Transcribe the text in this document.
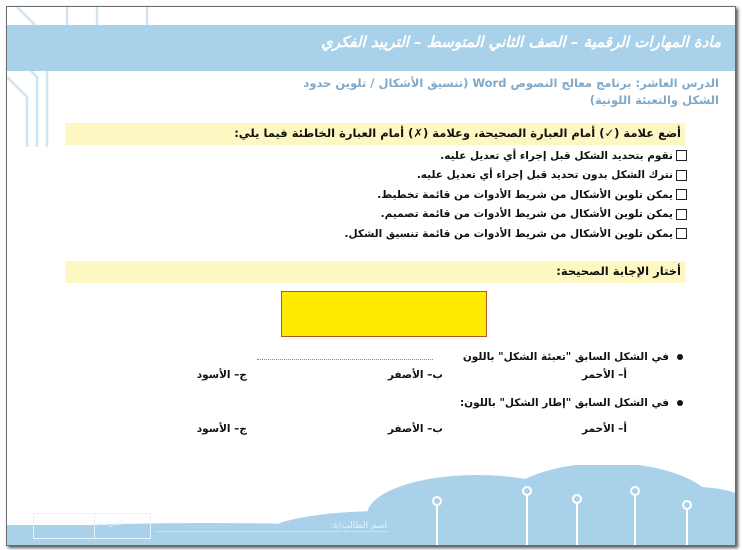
مادة المهارات الرقمية – الصف الثاني المتوسط – التريبد الفكري
الدرس العاشر: برنامج معالج النصوص Word (تنسيق الأشكال / تلوين حدود
الشكل والتعبئة اللونية)
أضع علامة (✓) أمام العبارة الصحيحة، وعلامة (✗) أمام العبارة الخاطئة فيما يلي:
نقوم بتحديد الشكل قبل إجراء أي تعديل عليه.
نترك الشكل بدون تحديد قبل إجراء أي تعديل عليه.
يمكن تلوين الأشكال من شريط الأدوات من قائمة تخطيط.
يمكن تلوين الأشكال من شريط الأدوات من قائمة تصميم.
يمكن تلوين الأشكال من شريط الأدوات من قائمة تنسيق الشكل.
أختار الإجابة الصحيحة:
في الشكل السابق "تعبئة الشكل" باللون
أ– الأحمر
ب– الأصفر
ج– الأسود
في الشكل السابق "إطار الشكل" باللون:
أ– الأحمر
ب– الأصفر
ج– الأسود
الدرجة	اسم الطالب/ة:
